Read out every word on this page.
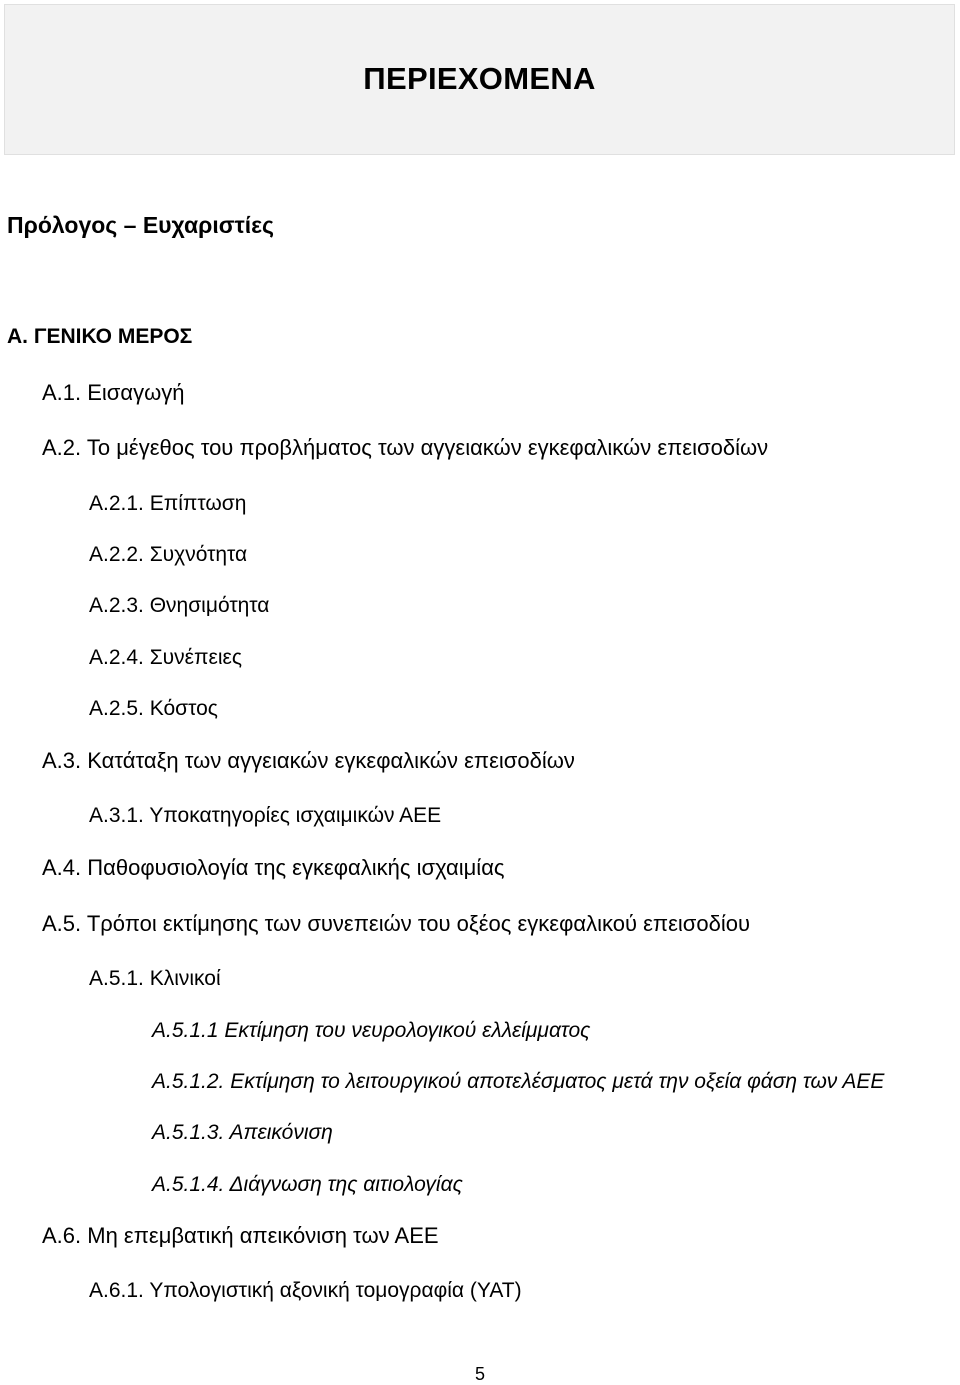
ΠΕΡΙΕΧΟΜΕΝΑ
Πρόλογος – Ευχαριστίες
Α. ΓΕΝΙΚΟ ΜΕΡΟΣ
Α.1. Εισαγωγή
Α.2. Το μέγεθος του προβλήματος των αγγειακών εγκεφαλικών επεισοδίων
Α.2.1. Επίπτωση
Α.2.2. Συχνότητα
Α.2.3. Θνησιμότητα
Α.2.4. Συνέπειες
Α.2.5. Κόστος
Α.3. Κατάταξη των αγγειακών εγκεφαλικών επεισοδίων
Α.3.1. Υποκατηγορίες ισχαιμικών ΑΕΕ
Α.4. Παθοφυσιολογία της εγκεφαλικής ισχαιμίας
Α.5. Τρόποι εκτίμησης των συνεπειών του οξέος εγκεφαλικού επεισοδίου
Α.5.1. Κλινικοί
Α.5.1.1 Εκτίμηση του νευρολογικού ελλείμματος
Α.5.1.2. Εκτίμηση το λειτουργικού αποτελέσματος μετά την οξεία φάση των ΑΕΕ
Α.5.1.3. Απεικόνιση
Α.5.1.4. Διάγνωση της αιτιολογίας
Α.6. Μη επεμβατική απεικόνιση των ΑΕΕ
Α.6.1. Υπολογιστική αξονική τομογραφία (ΥΑΤ)
5
